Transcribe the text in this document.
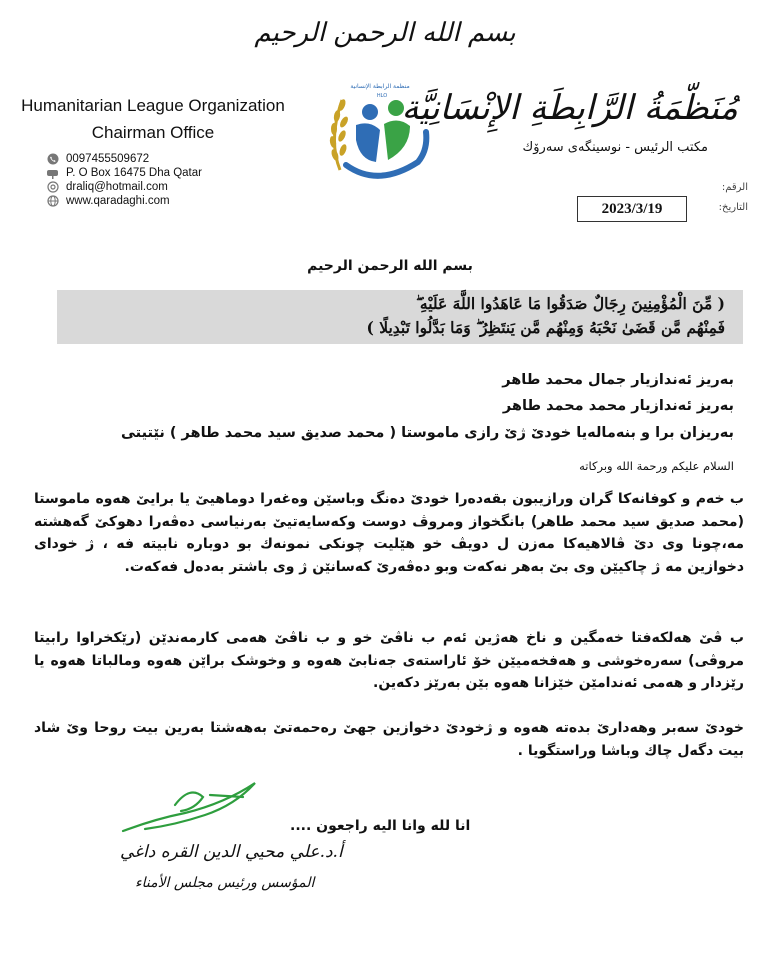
بسم الله الرحمن الرحيم
Humanitarian League Organization
Chairman Office
0097455509672
P. O Box 16475 Dha Qatar
draliq@hotmail.com
www.qaradaghi.com
منظمة الرابطة الإنسانية
HLO مُنَظّمَةُ الرَّابِطَةِ الإِنْسَانِيَّة
مكتب الرئيس - نوسينگەی سەرۆك
الرقم:
التاريخ:
2023/3/19
بسم الله الرحمن الرحيم
( مِّنَ الْمُؤْمِنِينَ رِجَالٌ صَدَقُوا مَا عَاهَدُوا اللَّهَ عَلَيْهِ ۖ
فَمِنْهُم مَّن قَضَىٰ نَحْبَهُ وَمِنْهُم مَّن يَنتَظِرُ ۖ وَمَا بَدَّلُوا تَبْدِيلًا )
بەریز ئەندازیار جمال محمد طاهر
بەریز ئەندازیار محمد محمد طاهر
بەریزان برا و بنەمالەیا خودێ ژێ رازی ماموستا ( محمد صدیق سید محمد طاهر ) نێتیتی
السلام عليكم ورحمة الله وبركاته
ب خەم و کوفانەکا گران ورازیبون بقەدەرا خودێ دەنگ وباسێن وەغەرا دوماهیێ یا برایێ هەوە ماموستا (محمد صدیق سید محمد طاهر) بانگخواز ومروڤ دوست وکەسایەتیێ بەرنیاسی دەڤەرا دهوکێ گەهشتە مە،چونا وی دێ ڤالاهیەکا مەزن ل دویڤ خو هێلیت چونکی نمونەك بو دوبارە نابیتە فە ، ژ خودای دخوازین مە ژ چاکیێن وی بێ بەهر نەکەت وبو دەڤەرێ کەسانێن ژ وی باشتر بەدەل فەکەت.
ب ڤێ هەلکەفتا خەمگین و ناخ هەژین ئەم ب ناڤێ خو و ب ناڤێ هەمی کارمەندێن (رێکخراوا رابیتا مروڤی) سەرەخوشی و هەفخەمیێن خۆ ئاراستەی جەنابێ هەوە و وخوشک براێن هەوە ومالباتا هەوە یا رێزدار و هەمی ئەندامێن خێزانا هەوە بێن بەرێز دکەین.
خودێ سەبر وهەدارێ بدەتە هەوە و ژخودێ دخوازین جهێ رەحمەتێ بەهەشتا بەرین بیت روحا وێ شاد بیت دگەل چاك وباشا وراستگویا .
انا لله وانا اليه راجعون ....
أ.د.علي محيي الدين القره داغي
المؤسس ورئيس مجلس الأمناء
